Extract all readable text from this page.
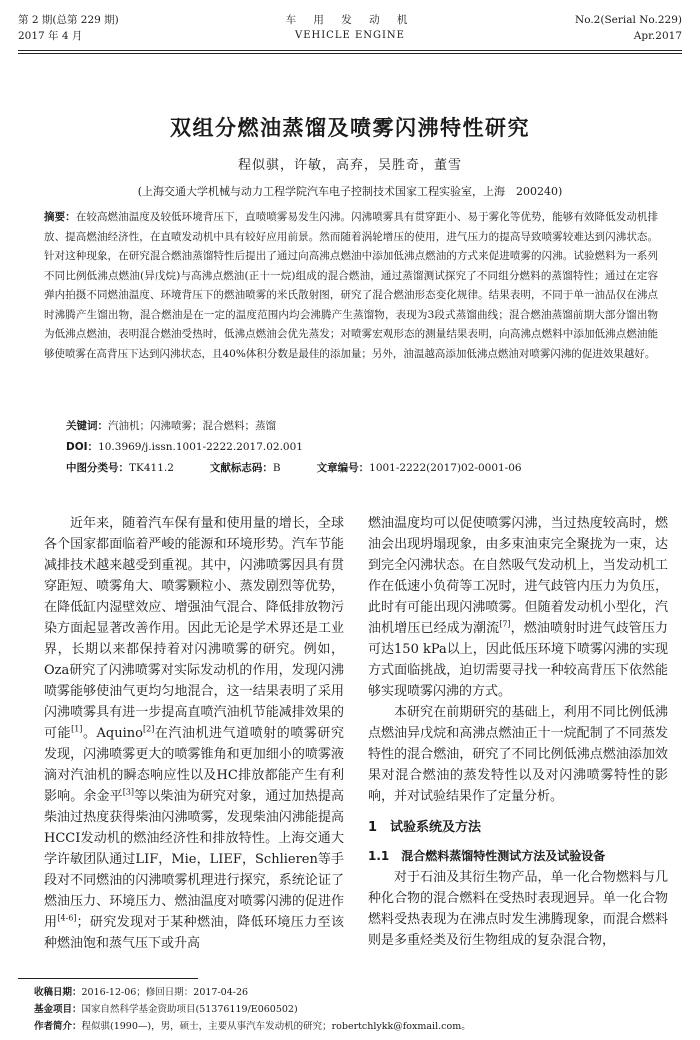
第 2 期(总第 229 期)
2017 年 4 月
车 用 发 动 机
VEHICLE ENGINE
No.2(Serial No.229)
Apr.2017
双组分燃油蒸馏及喷雾闪沸特性研究
程似骐，许敏，高弃，吴胜奇，董雪
(上海交通大学机械与动力工程学院汽车电子控制技术国家工程实验室，上海　200240)
摘要：在较高燃油温度及较低环境背压下，直喷喷雾易发生闪沸。闪沸喷雾具有贯穿距小、易于雾化等优势，能够有效降低发动机排放、提高燃油经济性，在直喷发动机中具有较好应用前景。然而随着涡轮增压的使用，进气压力的提高导致喷雾较难达到闪沸状态。针对这种现象，在研究混合燃油蒸馏特性后提出了通过向高沸点燃油中添加低沸点燃油的方式来促进喷雾的闪沸。试验燃料为一系列不同比例低沸点燃油(异戊烷)与高沸点燃油(正十一烷)组成的混合燃油，通过蒸馏测试探究了不同组分燃料的蒸馏特性；通过在定容弹内拍摄不同燃油温度、环境背压下的燃油喷雾的米氏散射图，研究了混合燃油形态变化规律。结果表明，不同于单一油品仅在沸点时沸腾产生馏出物，混合燃油是在一定的温度范围内均会沸腾产生蒸馏物，表现为3段式蒸馏曲线；混合燃油蒸馏前期大部分馏出物为低沸点燃油，表明混合燃油受热时，低沸点燃油会优先蒸发；对喷雾宏观形态的测量结果表明，向高沸点燃料中添加低沸点燃油能够使喷雾在高背压下达到闪沸状态，且40%体积分数是最佳的添加量；另外，油温越高添加低沸点燃油对喷雾闪沸的促进效果越好。
关键词：汽油机；闪沸喷雾；混合燃料；蒸馏
DOI：10.3969/j.issn.1001-2222.2017.02.001
中图分类号：TK411.2	文献标志码：B	文章编号：1001-2222(2017)02-0001-06

近年来，随着汽车保有量和使用量的增长，全球各个国家都面临着严峻的能源和环境形势。汽车节能减排技术越来越受到重视。其中，闪沸喷雾因具有贯穿距短、喷雾角大、喷雾颗粒小、蒸发剧烈等优势，在降低缸内湿壁效应、增强油气混合、降低排放物污染方面起显著改善作用。因此无论是学术界还是工业界，长期以来都保持着对闪沸喷雾的研究。例如，Oza研究了闪沸喷雾对实际发动机的作用，发现闪沸喷雾能够使油气更均匀地混合，这一结果表明了采用闪沸喷雾具有进一步提高直喷汽油机节能减排效果的可能[1]。Aquino[2]在汽油机进气道喷射的喷雾研究发现，闪沸喷雾更大的喷雾锥角和更加细小的喷雾液滴对汽油机的瞬态响应性以及HC排放都能产生有利影响。余金平[3]等以柴油为研究对象，通过加热提高柴油过热度获得柴油闪沸喷雾，发现柴油闪沸能提高HCCI发动机的燃油经济性和排放特性。上海交通大学许敏团队通过LIF，Mie，LIEF，Schlieren等手段对不同燃油的闪沸喷雾机理进行探究，系统论证了燃油压力、环境压力、燃油温度对喷雾闪沸的促进作用[4-6]；研究发现对于某种燃油，降低环境压力至该种燃油饱和蒸气压下或升高

燃油温度均可以促使喷雾闪沸，当过热度较高时，燃油会出现坍塌现象，由多束油束完全聚拢为一束，达到完全闪沸状态。在自然吸气发动机上，当发动机工作在低速小负荷等工况时，进气歧管内压力为负压，此时有可能出现闪沸喷雾。但随着发动机小型化，汽油机增压已经成为潮流[7]，燃油喷射时进气歧管压力可达150 kPa以上，因此低压环境下喷雾闪沸的实现方式面临挑战，迫切需要寻找一种较高背压下依然能够实现喷雾闪沸的方式。

本研究在前期研究的基础上，利用不同比例低沸点燃油异戊烷和高沸点燃油正十一烷配制了不同蒸发特性的混合燃油，研究了不同比例低沸点燃油添加效果对混合燃油的蒸发特性以及对闪沸喷雾特性的影响，并对试验结果作了定量分析。

1　试验系统及方法
1.1　混合燃料蒸馏特性测试方法及试验设备

对于石油及其衍生物产品，单一化合物燃料与几种化合物的混合燃料在受热时表现迥异。单一化合物燃料受热表现为在沸点时发生沸腾现象，而混合燃料则是多重烃类及衍生物组成的复杂混合物，

收稿日期：2016-12-06；修回日期：2017-04-26
基金项目：国家自然科学基金资助项目(51376119/E060502)
作者简介：程似骐(1990—)，男，硕士，主要从事汽车发动机的研究；robertchlykk@foxmail.com。
